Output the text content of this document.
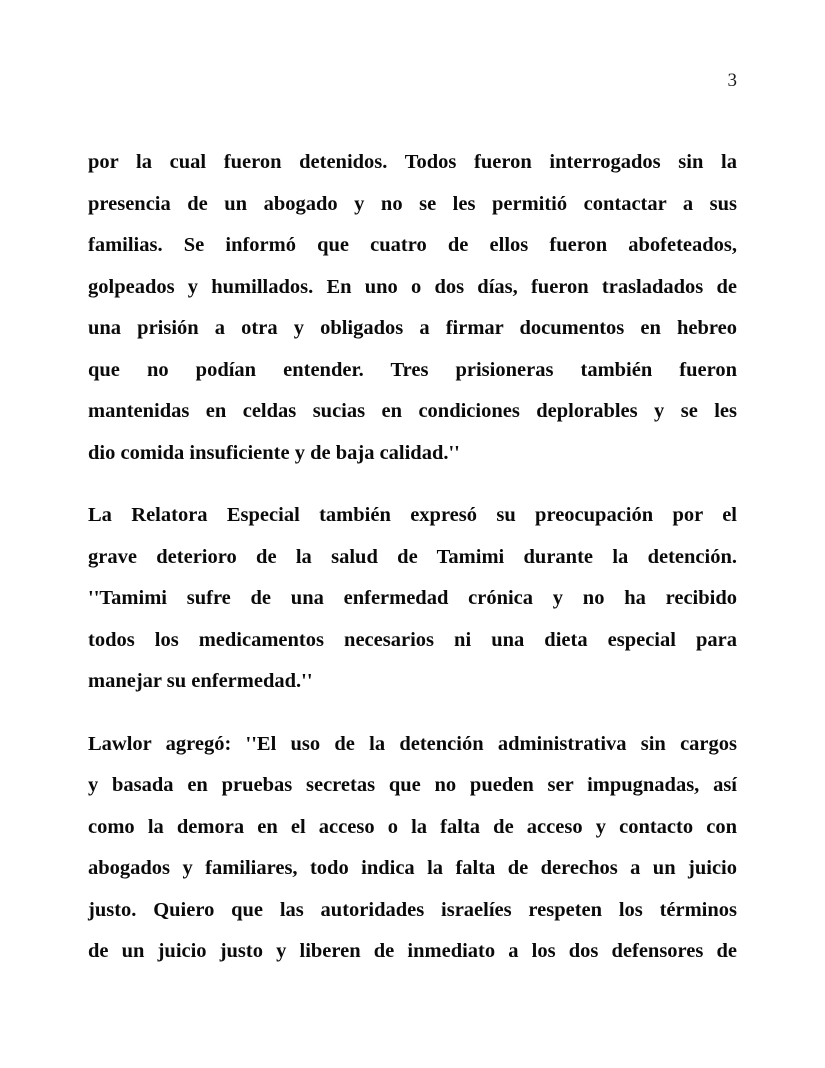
3
por la cual fueron detenidos. Todos fueron interrogados sin la
presencia de un abogado y no se les permitió contactar a sus
familias. Se informó que cuatro de ellos fueron abofeteados,
golpeados y humillados. En uno o dos días, fueron trasladados de
una prisión a otra y obligados a firmar documentos en hebreo
que no podían entender. Tres prisioneras también fueron
mantenidas en celdas sucias en condiciones deplorables y se les
dio comida insuficiente y de baja calidad.''
La Relatora Especial también expresó su preocupación por el
grave deterioro de la salud de Tamimi durante la detención.
''Tamimi sufre de una enfermedad crónica y no ha recibido
todos los medicamentos necesarios ni una dieta especial para
manejar su enfermedad.''
Lawlor agregó: ''El uso de la detención administrativa sin cargos
y basada en pruebas secretas que no pueden ser impugnadas, así
como la demora en el acceso o la falta de acceso y contacto con
abogados y familiares, todo indica la falta de derechos a un juicio
justo. Quiero que las autoridades israelíes respeten los términos
de un juicio justo y liberen de inmediato a los dos defensores de
